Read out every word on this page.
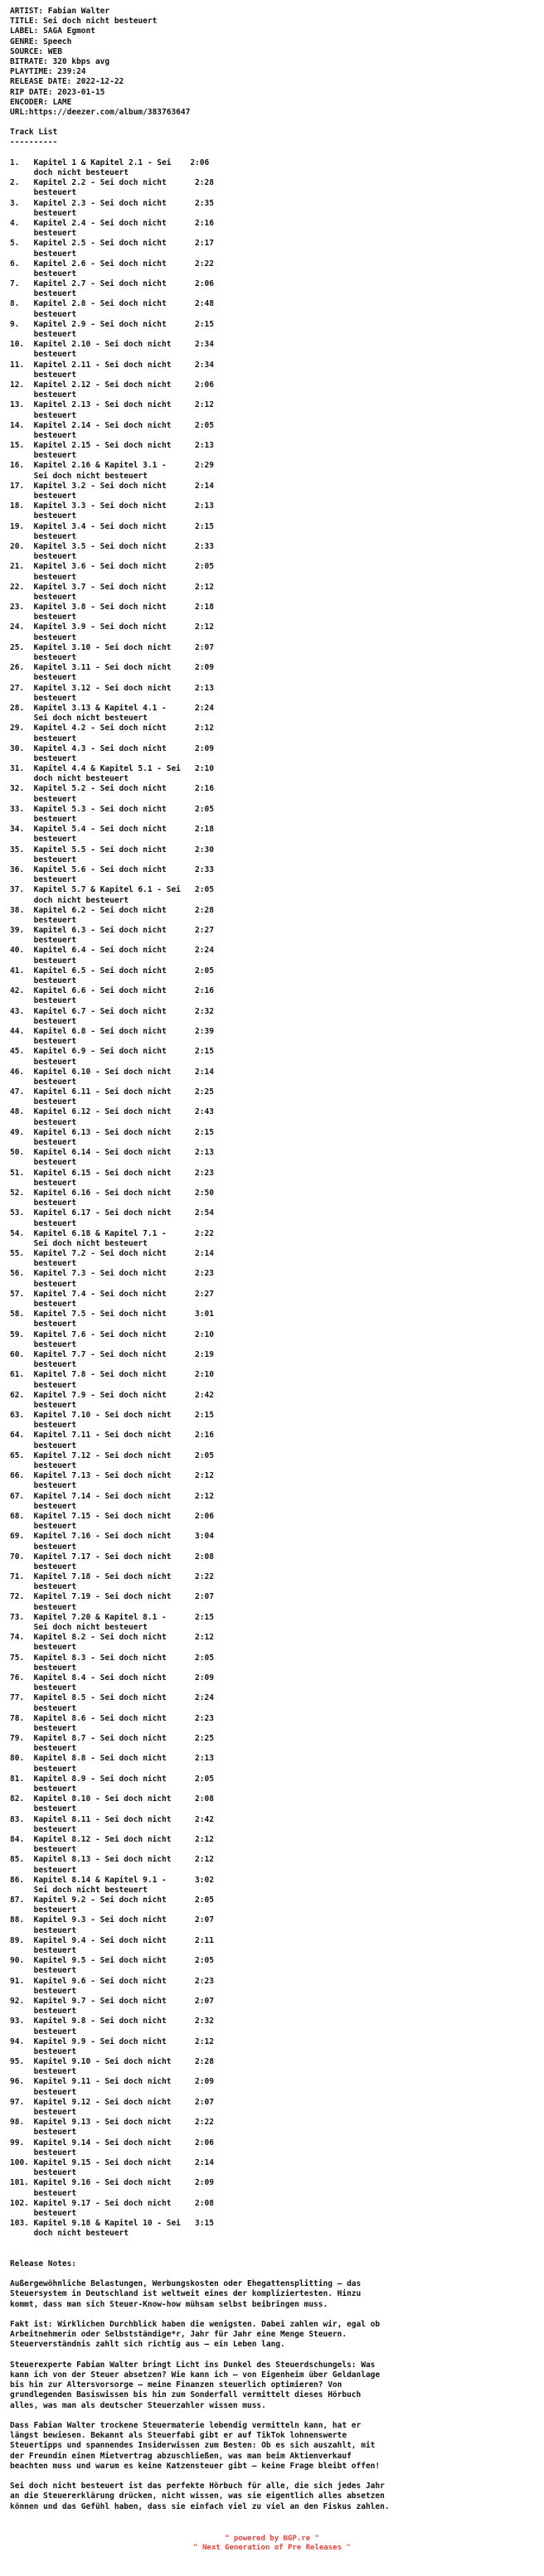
ARTIST: Fabian Walter
TITLE: Sei doch nicht besteuert
LABEL: SAGA Egmont
GENRE: Speech
SOURCE: WEB
BITRATE: 320 kbps avg
PLAYTIME: 239:24
RELEASE DATE: 2022-12-22
RIP DATE: 2023-01-15
ENCODER: LAME
URL:https://deezer.com/album/383763647
Track List
----------
1.   Kapitel 1 & Kapitel 2.1 - Sei    2:06
doch nicht besteuert
2.   Kapitel 2.2 - Sei doch nicht      2:28
besteuert
3.   Kapitel 2.3 - Sei doch nicht      2:35
besteuert
4.   Kapitel 2.4 - Sei doch nicht      2:16
besteuert
5.   Kapitel 2.5 - Sei doch nicht      2:17
besteuert
6.   Kapitel 2.6 - Sei doch nicht      2:22
besteuert
7.   Kapitel 2.7 - Sei doch nicht      2:06
besteuert
8.   Kapitel 2.8 - Sei doch nicht      2:48
besteuert
9.   Kapitel 2.9 - Sei doch nicht      2:15
besteuert
10.  Kapitel 2.10 - Sei doch nicht     2:34
besteuert
11.  Kapitel 2.11 - Sei doch nicht     2:34
besteuert
12.  Kapitel 2.12 - Sei doch nicht     2:06
besteuert
13.  Kapitel 2.13 - Sei doch nicht     2:12
besteuert
14.  Kapitel 2.14 - Sei doch nicht     2:05
besteuert
15.  Kapitel 2.15 - Sei doch nicht     2:13
besteuert
16.  Kapitel 2.16 & Kapitel 3.1 -      2:29
Sei doch nicht besteuert
17.  Kapitel 3.2 - Sei doch nicht      2:14
besteuert
18.  Kapitel 3.3 - Sei doch nicht      2:13
besteuert
19.  Kapitel 3.4 - Sei doch nicht      2:15
besteuert
20.  Kapitel 3.5 - Sei doch nicht      2:33
besteuert
21.  Kapitel 3.6 - Sei doch nicht      2:05
besteuert
22.  Kapitel 3.7 - Sei doch nicht      2:12
besteuert
23.  Kapitel 3.8 - Sei doch nicht      2:18
besteuert
24.  Kapitel 3.9 - Sei doch nicht      2:12
besteuert
25.  Kapitel 3.10 - Sei doch nicht     2:07
besteuert
26.  Kapitel 3.11 - Sei doch nicht     2:09
besteuert
27.  Kapitel 3.12 - Sei doch nicht     2:13
besteuert
28.  Kapitel 3.13 & Kapitel 4.1 -      2:24
Sei doch nicht besteuert
29.  Kapitel 4.2 - Sei doch nicht      2:12
besteuert
30.  Kapitel 4.3 - Sei doch nicht      2:09
besteuert
31.  Kapitel 4.4 & Kapitel 5.1 - Sei   2:10
doch nicht besteuert
32.  Kapitel 5.2 - Sei doch nicht      2:16
besteuert
33.  Kapitel 5.3 - Sei doch nicht      2:05
besteuert
34.  Kapitel 5.4 - Sei doch nicht      2:18
besteuert
35.  Kapitel 5.5 - Sei doch nicht      2:30
besteuert
36.  Kapitel 5.6 - Sei doch nicht      2:33
besteuert
37.  Kapitel 5.7 & Kapitel 6.1 - Sei   2:05
doch nicht besteuert
38.  Kapitel 6.2 - Sei doch nicht      2:28
besteuert
39.  Kapitel 6.3 - Sei doch nicht      2:27
besteuert
40.  Kapitel 6.4 - Sei doch nicht      2:24
besteuert
41.  Kapitel 6.5 - Sei doch nicht      2:05
besteuert
42.  Kapitel 6.6 - Sei doch nicht      2:16
besteuert
43.  Kapitel 6.7 - Sei doch nicht      2:32
besteuert
44.  Kapitel 6.8 - Sei doch nicht      2:39
besteuert
45.  Kapitel 6.9 - Sei doch nicht      2:15
besteuert
46.  Kapitel 6.10 - Sei doch nicht     2:14
besteuert
47.  Kapitel 6.11 - Sei doch nicht     2:25
besteuert
48.  Kapitel 6.12 - Sei doch nicht     2:43
besteuert
49.  Kapitel 6.13 - Sei doch nicht     2:15
besteuert
50.  Kapitel 6.14 - Sei doch nicht     2:13
besteuert
51.  Kapitel 6.15 - Sei doch nicht     2:23
besteuert
52.  Kapitel 6.16 - Sei doch nicht     2:50
besteuert
53.  Kapitel 6.17 - Sei doch nicht     2:54
besteuert
54.  Kapitel 6.18 & Kapitel 7.1 -      2:22
Sei doch nicht besteuert
55.  Kapitel 7.2 - Sei doch nicht      2:14
besteuert
56.  Kapitel 7.3 - Sei doch nicht      2:23
besteuert
57.  Kapitel 7.4 - Sei doch nicht      2:27
besteuert
58.  Kapitel 7.5 - Sei doch nicht      3:01
besteuert
59.  Kapitel 7.6 - Sei doch nicht      2:10
besteuert
60.  Kapitel 7.7 - Sei doch nicht      2:19
besteuert
61.  Kapitel 7.8 - Sei doch nicht      2:10
besteuert
62.  Kapitel 7.9 - Sei doch nicht      2:42
besteuert
63.  Kapitel 7.10 - Sei doch nicht     2:15
besteuert
64.  Kapitel 7.11 - Sei doch nicht     2:16
besteuert
65.  Kapitel 7.12 - Sei doch nicht     2:05
besteuert
66.  Kapitel 7.13 - Sei doch nicht     2:12
besteuert
67.  Kapitel 7.14 - Sei doch nicht     2:12
besteuert
68.  Kapitel 7.15 - Sei doch nicht     2:06
besteuert
69.  Kapitel 7.16 - Sei doch nicht     3:04
besteuert
70.  Kapitel 7.17 - Sei doch nicht     2:08
besteuert
71.  Kapitel 7.18 - Sei doch nicht     2:22
besteuert
72.  Kapitel 7.19 - Sei doch nicht     2:07
besteuert
73.  Kapitel 7.20 & Kapitel 8.1 -      2:15
Sei doch nicht besteuert
74.  Kapitel 8.2 - Sei doch nicht      2:12
besteuert
75.  Kapitel 8.3 - Sei doch nicht      2:05
besteuert
76.  Kapitel 8.4 - Sei doch nicht      2:09
besteuert
77.  Kapitel 8.5 - Sei doch nicht      2:24
besteuert
78.  Kapitel 8.6 - Sei doch nicht      2:23
besteuert
79.  Kapitel 8.7 - Sei doch nicht      2:25
besteuert
80.  Kapitel 8.8 - Sei doch nicht      2:13
besteuert
81.  Kapitel 8.9 - Sei doch nicht      2:05
besteuert
82.  Kapitel 8.10 - Sei doch nicht     2:08
besteuert
83.  Kapitel 8.11 - Sei doch nicht     2:42
besteuert
84.  Kapitel 8.12 - Sei doch nicht     2:12
besteuert
85.  Kapitel 8.13 - Sei doch nicht     2:12
besteuert
86.  Kapitel 8.14 & Kapitel 9.1 -      3:02
Sei doch nicht besteuert
87.  Kapitel 9.2 - Sei doch nicht      2:05
besteuert
88.  Kapitel 9.3 - Sei doch nicht      2:07
besteuert
89.  Kapitel 9.4 - Sei doch nicht      2:11
besteuert
90.  Kapitel 9.5 - Sei doch nicht      2:05
besteuert
91.  Kapitel 9.6 - Sei doch nicht      2:23
besteuert
92.  Kapitel 9.7 - Sei doch nicht      2:07
besteuert
93.  Kapitel 9.8 - Sei doch nicht      2:32
besteuert
94.  Kapitel 9.9 - Sei doch nicht      2:12
besteuert
95.  Kapitel 9.10 - Sei doch nicht     2:28
besteuert
96.  Kapitel 9.11 - Sei doch nicht     2:09
besteuert
97.  Kapitel 9.12 - Sei doch nicht     2:07
besteuert
98.  Kapitel 9.13 - Sei doch nicht     2:22
besteuert
99.  Kapitel 9.14 - Sei doch nicht     2:06
besteuert
100. Kapitel 9.15 - Sei doch nicht     2:14
besteuert
101. Kapitel 9.16 - Sei doch nicht     2:09
besteuert
102. Kapitel 9.17 - Sei doch nicht     2:08
besteuert
103. Kapitel 9.18 & Kapitel 10 - Sei   3:15
doch nicht besteuert
Release Notes:

Außergewöhnliche Belastungen, Werbungskosten oder Ehegattensplitting – das
Steuersystem in Deutschland ist weltweit eines der kompliziertesten. Hinzu
kommt, dass man sich Steuer-Know-how mühsam selbst beibringen muss.

Fakt ist: Wirklichen Durchblick haben die wenigsten. Dabei zahlen wir, egal ob
Arbeitnehmerin oder Selbstständige*r, Jahr für Jahr eine Menge Steuern.
Steuerverständnis zahlt sich richtig aus – ein Leben lang.

Steuerexperte Fabian Walter bringt Licht ins Dunkel des Steuerdschungels: Was
kann ich von der Steuer absetzen? Wie kann ich – von Eigenheim über Geldanlage
bis hin zur Altersvorsorge – meine Finanzen steuerlich optimieren? Von
grundlegenden Basiswissen bis hin zum Sonderfall vermittelt dieses Hörbuch
alles, was man als deutscher Steuerzahler wissen muss.

Dass Fabian Walter trockene Steuermaterie lebendig vermitteln kann, hat er
längst bewiesen. Bekannt als Steuerfabi gibt er auf TikTok lohnenswerte
Steuertipps und spannendes Insiderwissen zum Besten: Ob es sich auszahlt, mit
der Freundin einen Mietvertrag abzuschließen, was man beim Aktienverkauf
beachten muss und warum es keine Katzensteuer gibt – keine Frage bleibt offen!

Sei doch nicht besteuert ist das perfekte Hörbuch für alle, die sich jedes Jahr
an die Steuererklärung drücken, nicht wissen, was sie eigentlich alles absetzen
können und das Gefühl haben, dass sie einfach viel zu viel an den Fiskus zahlen.

" powered by NGP.re "
" Next Generation of Pre Releases "
